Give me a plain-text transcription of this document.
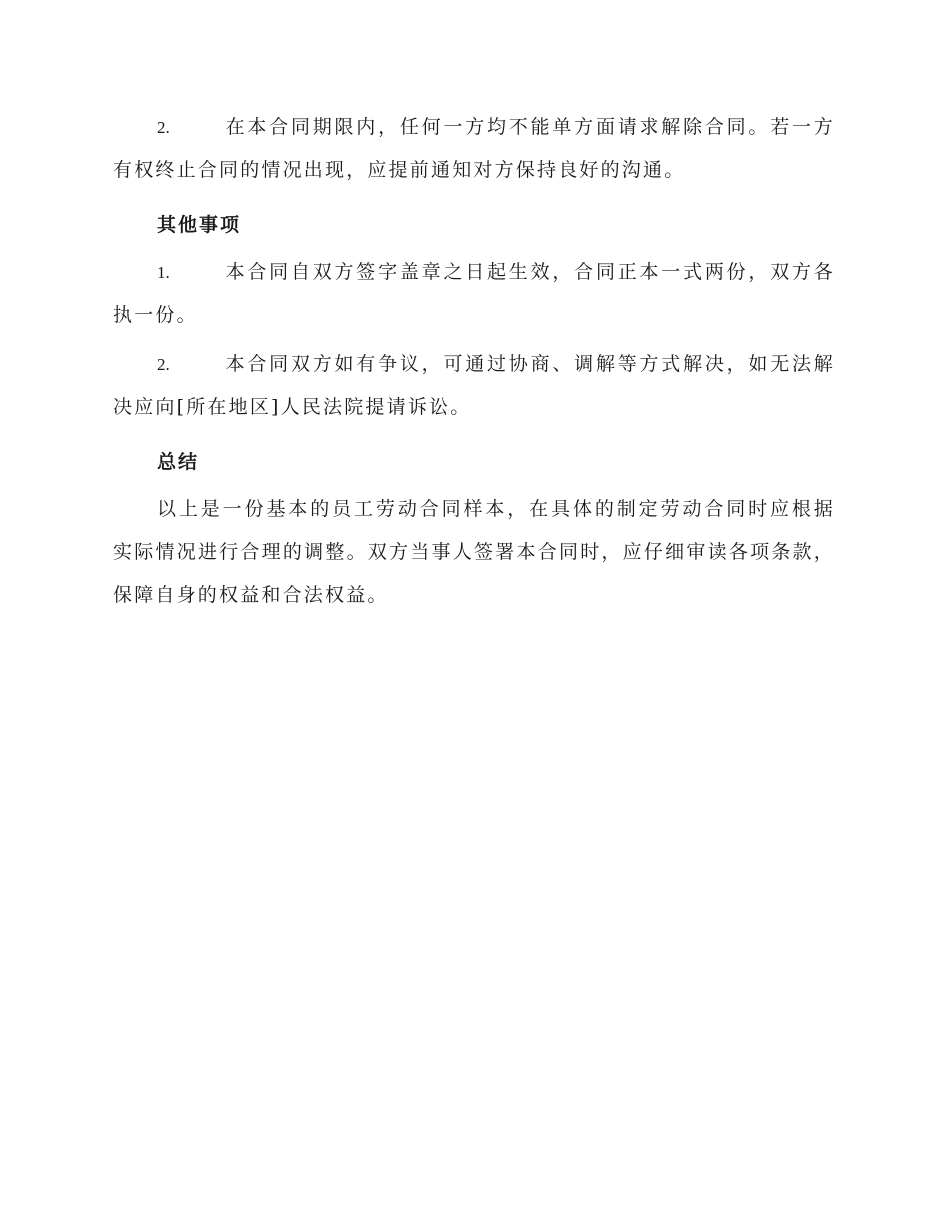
2.	在本合同期限内，任何一方均不能单方面请求解除合同。若一方有权终止合同的情况出现，应提前通知对方保持良好的沟通。

其他事项

1.	本合同自双方签字盖章之日起生效，合同正本一式两份，双方各执一份。

2.	本合同双方如有争议，可通过协商、调解等方式解决，如无法解决应向[所在地区]人民法院提请诉讼。

总结

以上是一份基本的员工劳动合同样本，在具体的制定劳动合同时应根据实际情况进行合理的调整。双方当事人签署本合同时，应仔细审读各项条款，保障自身的权益和合法权益。
